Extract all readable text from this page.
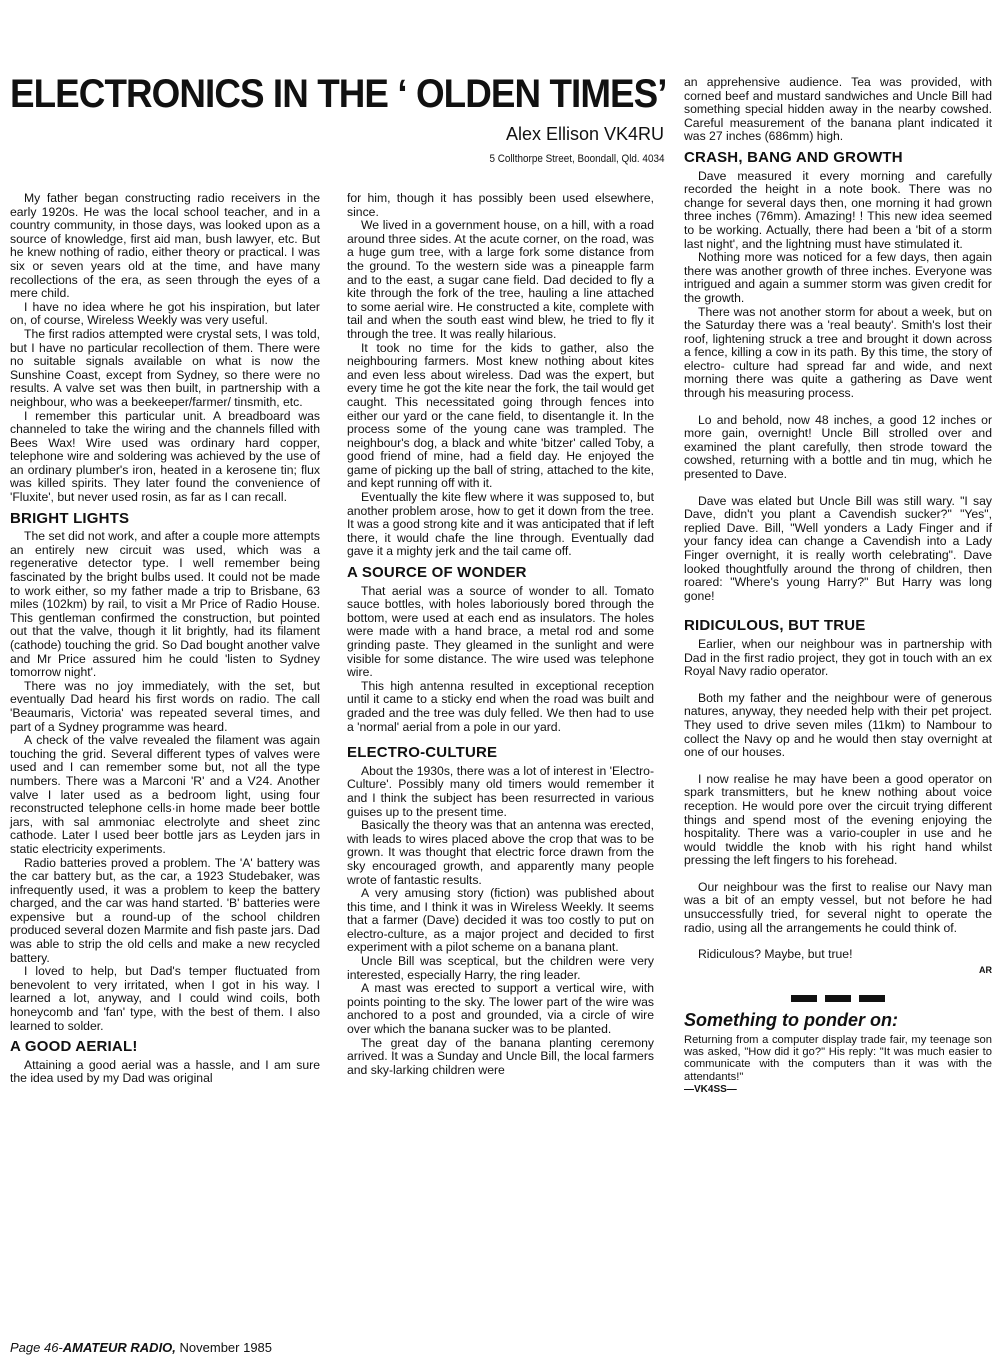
ELECTRONICS IN THE ‘ OLDEN TIMES’
Alex Ellison VK4RU
5 Collthorpe Street, Boondall, Qld. 4034

My father began constructing radio receivers in the early 1920s. He was the local school teacher, and in a country community, in those days, was looked upon as a source of knowledge, first aid man, bush lawyer, etc. But he knew nothing of radio, either theory or practical. I was six or seven years old at the time, and have many recollections of the era, as seen through the eyes of a mere child.

I have no idea where he got his inspiration, but later on, of course, Wireless Weekly was very useful.

The first radios attempted were crystal sets, I was told, but I have no particular recollection of them. There were no suitable signals available on what is now the Sunshine Coast, except from Sydney, so there were no results. A valve set was then built, in partnership with a neighbour, who was a beekeeper/farmer/ tinsmith, etc.

I remember this particular unit. A breadboard was channeled to take the wiring and the channels filled with Bees Wax! Wire used was ordinary hard copper, telephone wire and soldering was achieved by the use of an ordinary plumber's iron, heated in a kerosene tin; flux was killed spirits. They later found the convenience of 'Fluxite', but never used rosin, as far as I can recall.

BRIGHT LIGHTS

The set did not work, and after a couple more attempts an entirely new circuit was used, which was a regenerative detector type. I well remember being fascinated by the bright bulbs used. It could not be made to work either, so my father made a trip to Brisbane, 63 miles (102km) by rail, to visit a Mr Price of Radio House. This gentleman confirmed the construction, but pointed out that the valve, though it lit brightly, had its filament (cathode) touching the grid. So Dad bought another valve and Mr Price assured him he could 'listen to Sydney tomorrow night'.

There was no joy immediately, with the set, but eventually Dad heard his first words on radio. The call 'Beaumaris, Victoria' was repeated several times, and part of a Sydney programme was heard.

A check of the valve revealed the filament was again touching the grid. Several different types of valves were used and I can remember some but, not all the type numbers. There was a Marconi 'R' and a V24. Another valve I later used as a bedroom light, using four reconstructed telephone cells·in home made beer bottle jars, with sal ammoniac electrolyte and sheet zinc cathode. Later I used beer bottle jars as Leyden jars in static electricity experiments.

Radio batteries proved a problem. The 'A' battery was the car battery but, as the car, a 1923 Studebaker, was infrequently used, it was a problem to keep the battery charged, and the car was hand started. 'B' batteries were expensive but a round-up of the school children produced several dozen Marmite and fish paste jars. Dad was able to strip the old cells and make a new recycled battery.

I loved to help, but Dad's temper fluctuated from benevolent to very irritated, when I got in his way. I learned a lot, anyway, and I could wind coils, both honeycomb and 'fan' type, with the best of them. I also learned to solder.

A GOOD AERIAL!

Attaining a good aerial was a hassle, and I am sure the idea used by my Dad was original

for him, though it has possibly been used elsewhere, since.

We lived in a government house, on a hill, with a road around three sides. At the acute corner, on the road, was a huge gum tree, with a large fork some distance from the ground. To the western side was a pineapple farm and to the east, a sugar cane field. Dad decided to fly a kite through the fork of the tree, hauling a line attached to some aerial wire. He constructed a kite, complete with tail and when the south east wind blew, he tried to fly it through the tree. It was really hilarious.

It took no time for the kids to gather, also the neighbouring farmers. Most knew nothing about kites and even less about wireless. Dad was the expert, but every time he got the kite near the fork, the tail would get caught. This necessitated going through fences into either our yard or the cane field, to disentangle it. In the process some of the young cane was trampled. The neighbour's dog, a black and white 'bitzer' called Toby, a good friend of mine, had a field day. He enjoyed the game of picking up the ball of string, attached to the kite, and kept running off with it.

Eventually the kite flew where it was supposed to, but another problem arose, how to get it down from the tree. It was a good strong kite and it was anticipated that if left there, it would chafe the line through. Eventually dad gave it a mighty jerk and the tail came off.

A SOURCE OF WONDER

That aerial was a source of wonder to all. Tomato sauce bottles, with holes laboriously bored through the bottom, were used at each end as insulators. The holes were made with a hand brace, a metal rod and some grinding paste. They gleamed in the sunlight and were visible for some distance. The wire used was telephone wire.

This high antenna resulted in exceptional reception until it came to a sticky end when the road was built and graded and the tree was duly felled. We then had to use a 'normal' aerial from a pole in our yard.

ELECTRO-CULTURE

About the 1930s, there was a lot of interest in 'Electro-Culture'. Possibly many old timers would remember it and I think the subject has been resurrected in various guises up to the present time.

Basically the theory was that an antenna was erected, with leads to wires placed above the crop that was to be grown. It was thought that electric force drawn from the sky encouraged growth, and apparently many people wrote of fantastic results.

A very amusing story (fiction) was published about this time, and I think it was in Wireless Weekly. It seems that a farmer (Dave) decided it was too costly to put on electro-culture, as a major project and decided to first experiment with a pilot scheme on a banana plant.

Uncle Bill was sceptical, but the children were very interested, especially Harry, the ring leader.

A mast was erected to support a vertical wire, with points pointing to the sky. The lower part of the wire was anchored to a post and grounded, via a circle of wire over which the banana sucker was to be planted.

The great day of the banana planting ceremony arrived. It was a Sunday and Uncle Bill, the local farmers and sky-larking children were

an apprehensive audience. Tea was provided, with corned beef and mustard sandwiches and Uncle Bill had something special hidden away in the nearby cowshed. Careful measurement of the banana plant indicated it was 27 inches (686mm) high.

CRASH, BANG AND GROWTH

Dave measured it every morning and carefully recorded the height in a note book. There was no change for several days then, one morning it had grown three inches (76mm). Amazing! ! This new idea seemed to be working. Actually, there had been a 'bit of a storm last night', and the lightning must have stimulated it.

Nothing more was noticed for a few days, then again there was another growth of three inches. Everyone was intrigued and again a summer storm was given credit for the growth.

There was not another storm for about a week, but on the Saturday there was a 'real beauty'. Smith's lost their roof, lightening struck a tree and brought it down across a fence, killing a cow in its path. By this time, the story of electro- culture had spread far and wide, and next morning there was quite a gathering as Dave went through his measuring process.

Lo and behold, now 48 inches, a good 12 inches or more gain, overnight! Uncle Bill strolled over and examined the plant carefully, then strode toward the cowshed, returning with a bottle and tin mug, which he presented to Dave.

Dave was elated but Uncle Bill was still wary. "I say Dave, didn't you plant a Cavendish sucker?" "Yes", replied Dave. Bill, "Well yonders a Lady Finger and if your fancy idea can change a Cavendish into a Lady Finger overnight, it is really worth celebrating". Dave looked thoughtfully around the throng of children, then roared: "Where's young Harry?" But Harry was long gone!

RIDICULOUS, BUT TRUE

Earlier, when our neighbour was in partnership with Dad in the first radio project, they got in touch with an ex Royal Navy radio operator.

Both my father and the neighbour were of generous natures, anyway, they needed help with their pet project. They used to drive seven miles (11km) to Nambour to collect the Navy op and he would then stay overnight at one of our houses.

I now realise he may have been a good operator on spark transmitters, but he knew nothing about voice reception. He would pore over the circuit trying different things and spend most of the evening enjoying the hospitality. There was a vario-coupler in use and he would twiddle the knob with his right hand whilst pressing the left fingers to his forehead.

Our neighbour was the first to realise our Navy man was a bit of an empty vessel, but not before he had unsuccessfully tried, for several night to operate the radio, using all the arrangements he could think of.

Ridiculous? Maybe, but true!

AR
Something to ponder on:

Returning from a computer display trade fair, my teenage son was asked, "How did it go?" His reply: "It was much easier to communicate with the computers than it was with the attendants!"

—VK4SS—

Page 46-AMATEUR RADIO, November 1985
